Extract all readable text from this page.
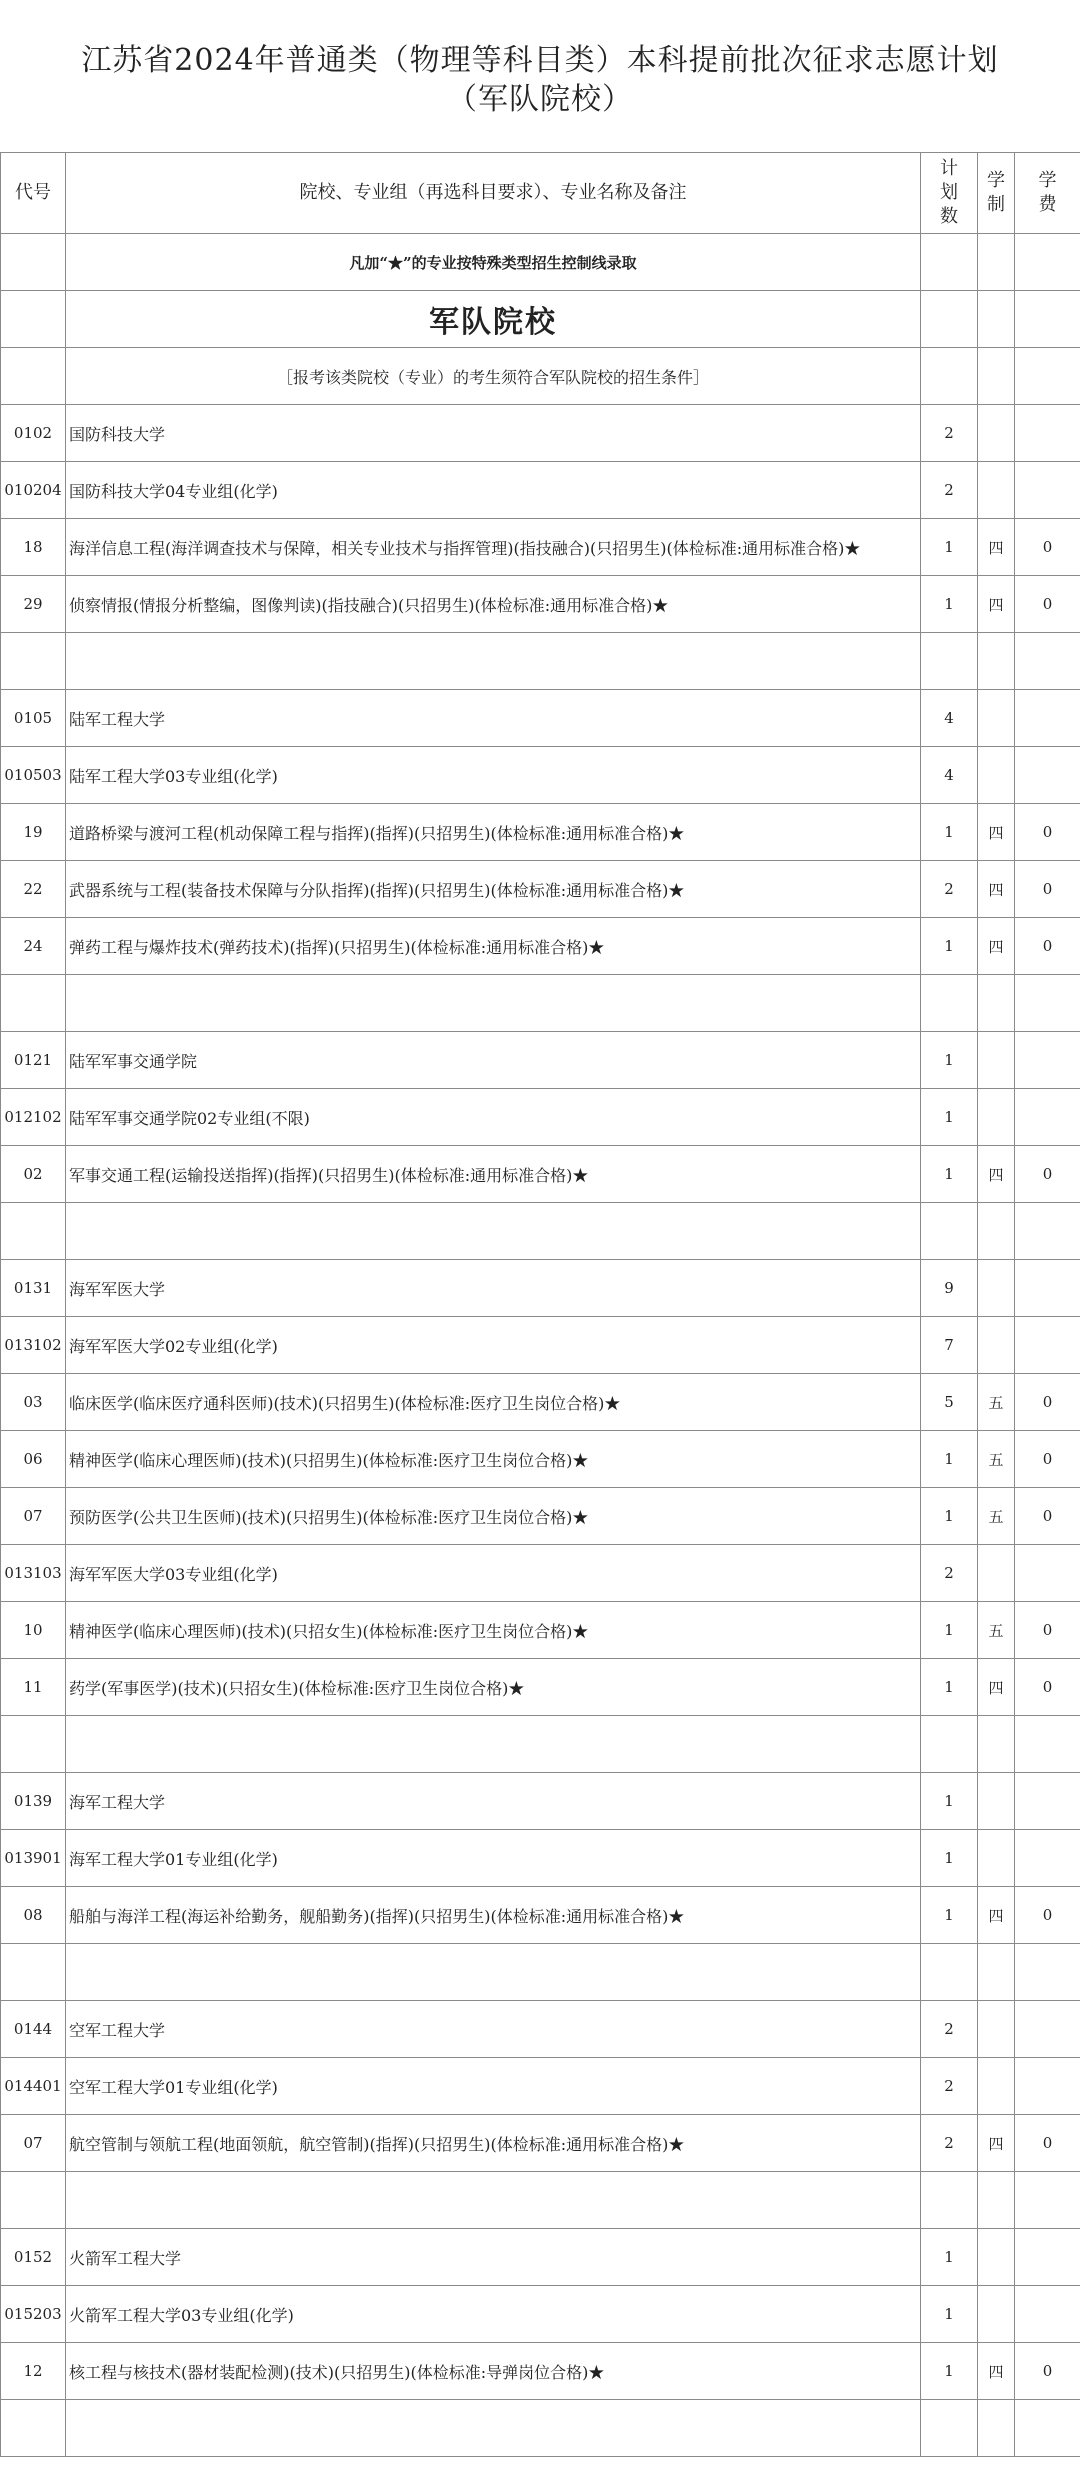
江苏省2024年普通类（物理等科目类）本科提前批次征求志愿计划
（军队院校）
代号	院校、专业组（再选科目要求）、专业名称及备注	计划数	学制	学费
	凡加“★”的专业按特殊类型招生控制线录取			
	军队院校			
	［报考该类院校（专业）的考生须符合军队院校的招生条件］			
0102	国防科技大学	2		
010204	国防科技大学04专业组(化学)	2		
18	海洋信息工程(海洋调查技术与保障，相关专业技术与指挥管理)(指技融合)(只招男生)(体检标准:通用标准合格)★	1	四	0
29	侦察情报(情报分析整编，图像判读)(指技融合)(只招男生)(体检标准:通用标准合格)★	1	四	0

0105	陆军工程大学	4		
010503	陆军工程大学03专业组(化学)	4		
19	道路桥梁与渡河工程(机动保障工程与指挥)(指挥)(只招男生)(体检标准:通用标准合格)★	1	四	0
22	武器系统与工程(装备技术保障与分队指挥)(指挥)(只招男生)(体检标准:通用标准合格)★	2	四	0
24	弹药工程与爆炸技术(弹药技术)(指挥)(只招男生)(体检标准:通用标准合格)★	1	四	0

0121	陆军军事交通学院	1		
012102	陆军军事交通学院02专业组(不限)	1		
02	军事交通工程(运输投送指挥)(指挥)(只招男生)(体检标准:通用标准合格)★	1	四	0

0131	海军军医大学	9		
013102	海军军医大学02专业组(化学)	7		
03	临床医学(临床医疗通科医师)(技术)(只招男生)(体检标准:医疗卫生岗位合格)★	5	五	0
06	精神医学(临床心理医师)(技术)(只招男生)(体检标准:医疗卫生岗位合格)★	1	五	0
07	预防医学(公共卫生医师)(技术)(只招男生)(体检标准:医疗卫生岗位合格)★	1	五	0
013103	海军军医大学03专业组(化学)	2		
10	精神医学(临床心理医师)(技术)(只招女生)(体检标准:医疗卫生岗位合格)★	1	五	0
11	药学(军事医学)(技术)(只招女生)(体检标准:医疗卫生岗位合格)★	1	四	0

0139	海军工程大学	1		
013901	海军工程大学01专业组(化学)	1		
08	船舶与海洋工程(海运补给勤务，舰船勤务)(指挥)(只招男生)(体检标准:通用标准合格)★	1	四	0

0144	空军工程大学	2		
014401	空军工程大学01专业组(化学)	2		
07	航空管制与领航工程(地面领航，航空管制)(指挥)(只招男生)(体检标准:通用标准合格)★	2	四	0

0152	火箭军工程大学	1		
015203	火箭军工程大学03专业组(化学)	1		
12	核工程与核技术(器材装配检测)(技术)(只招男生)(体检标准:导弹岗位合格)★	1	四	0
